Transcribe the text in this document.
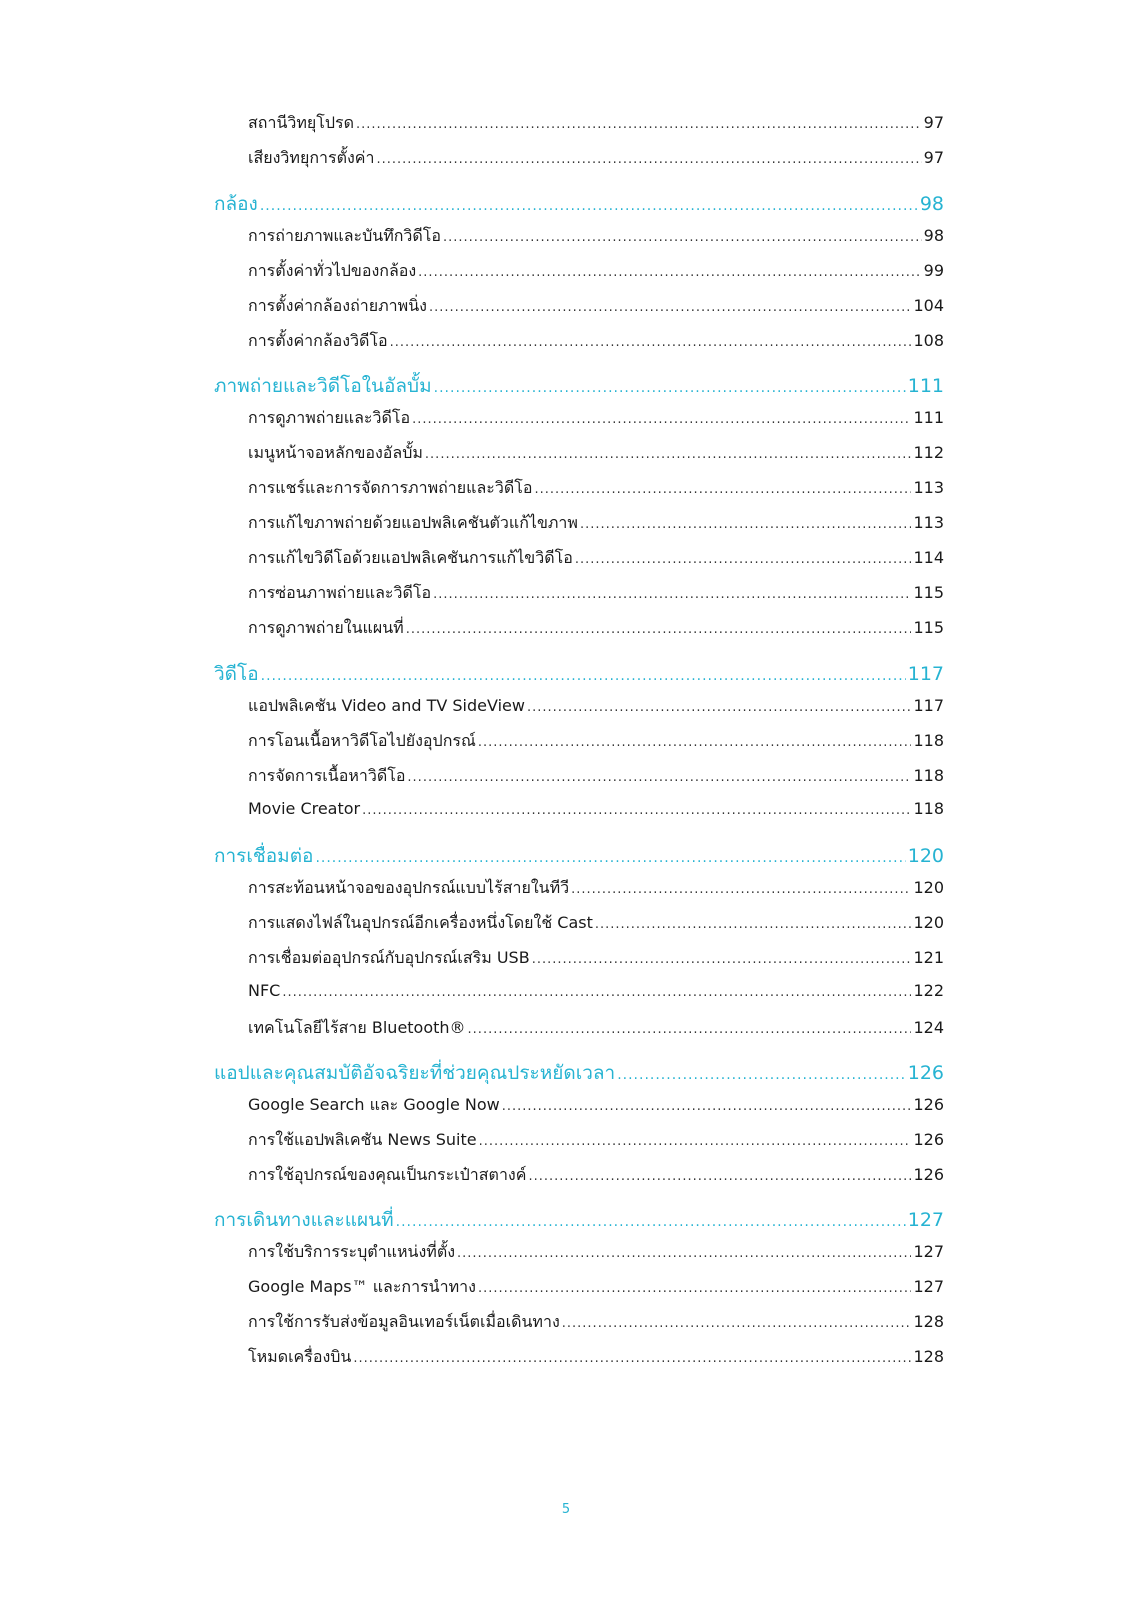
สถานีวิทยุโปรด .....	97
เสียงวิทยุการตั้งค่า .....	97
กล้อง .....	98
การถ่ายภาพและบันทึกวิดีโอ .....	98
การตั้งค่าทั่วไปของกล้อง .....	99
การตั้งค่ากล้องถ่ายภาพนิ่ง .....	104
การตั้งค่ากล้องวิดีโอ .....	108
ภาพถ่ายและวิดีโอในอัลบั้ม .....	111
การดูภาพถ่ายและวิดีโอ .....	111
เมนูหน้าจอหลักของอัลบั้ม .....	112
การแชร์และการจัดการภาพถ่ายและวิดีโอ .....	113
การแก้ไขภาพถ่ายด้วยแอปพลิเคชันตัวแก้ไขภาพ .....	113
การแก้ไขวิดีโอด้วยแอปพลิเคชันการแก้ไขวิดีโอ .....	114
การซ่อนภาพถ่ายและวิดีโอ .....	115
การดูภาพถ่ายในแผนที่ .....	115
วิดีโอ .....	117
แอปพลิเคชัน Video and TV SideView .....	117
การโอนเนื้อหาวิดีโอไปยังอุปกรณ์ .....	118
การจัดการเนื้อหาวิดีโอ .....	118
Movie Creator .....	118
การเชื่อมต่อ .....	120
การสะท้อนหน้าจอของอุปกรณ์แบบไร้สายในทีวี .....	120
การแสดงไฟล์ในอุปกรณ์อีกเครื่องหนึ่งโดยใช้ Cast .....	120
การเชื่อมต่ออุปกรณ์กับอุปกรณ์เสริม USB .....	121
NFC .....	122
เทคโนโลยีไร้สาย Bluetooth® .....	124
แอปและคุณสมบัติอัจฉริยะที่ช่วยคุณประหยัดเวลา .....	126
Google Search และ Google Now .....	126
การใช้แอปพลิเคชัน News Suite .....	126
การใช้อุปกรณ์ของคุณเป็นกระเป๋าสตางค์ .....	126
การเดินทางและแผนที่ .....	127
การใช้บริการระบุตำแหน่งที่ตั้ง .....	127
Google Maps™ และการนำทาง .....	127
การใช้การรับส่งข้อมูลอินเทอร์เน็ตเมื่อเดินทาง .....	128
โหมดเครื่องบิน .....	128
5
